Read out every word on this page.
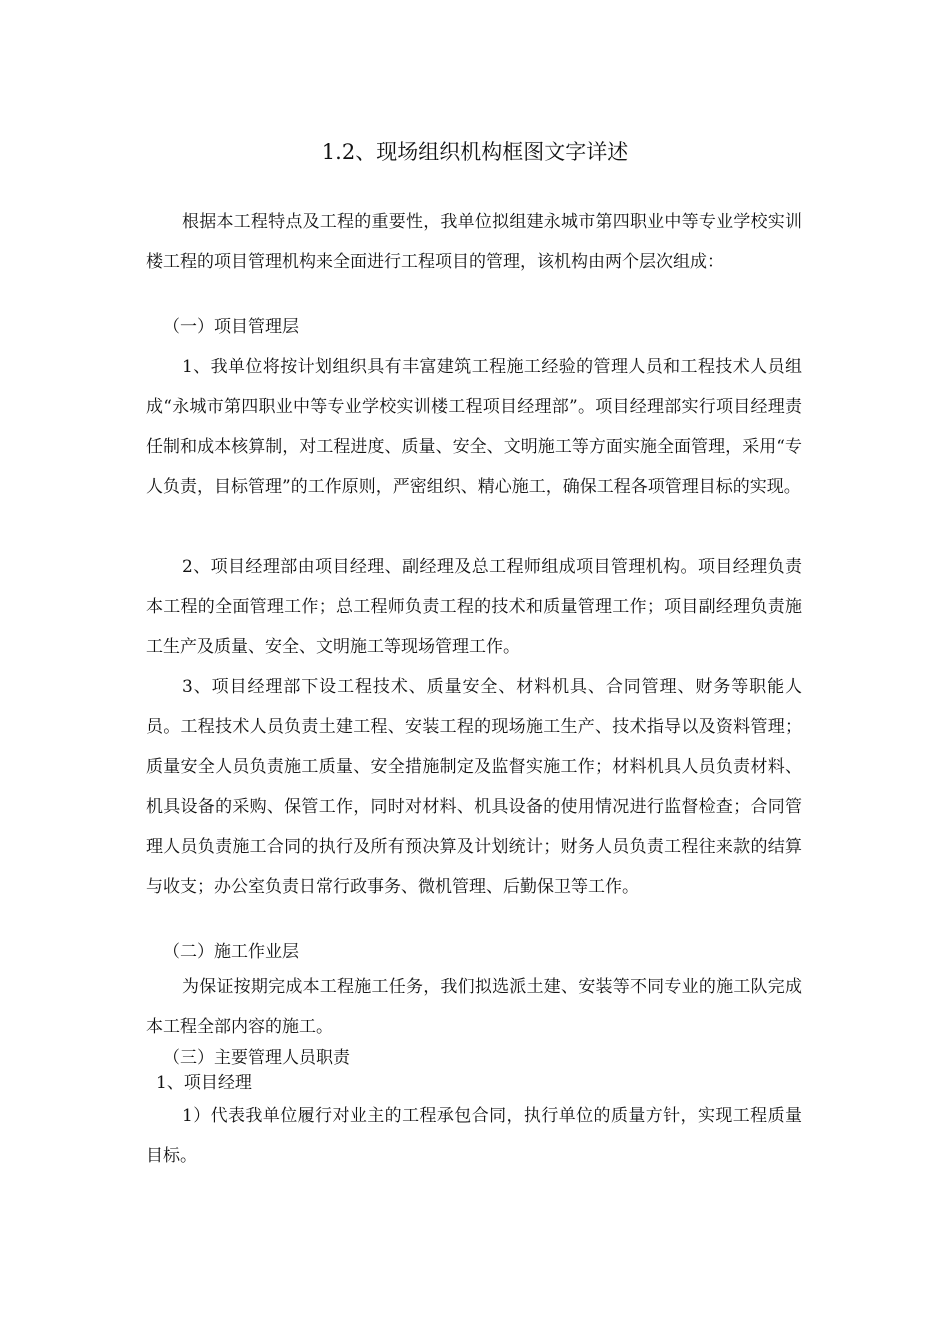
1.2、现场组织机构框图文字详述

根据本工程特点及工程的重要性，我单位拟组建永城市第四职业中等专业学校实训楼工程的项目管理机构来全面进行工程项目的管理，该机构由两个层次组成：

（一）项目管理层

1、我单位将按计划组织具有丰富建筑工程施工经验的管理人员和工程技术人员组成“永城市第四职业中等专业学校实训楼工程项目经理部”。项目经理部实行项目经理责任制和成本核算制，对工程进度、质量、安全、文明施工等方面实施全面管理，采用“专人负责，目标管理”的工作原则，严密组织、精心施工，确保工程各项管理目标的实现。

2、项目经理部由项目经理、副经理及总工程师组成项目管理机构。项目经理负责本工程的全面管理工作；总工程师负责工程的技术和质量管理工作；项目副经理负责施工生产及质量、安全、文明施工等现场管理工作。

3、项目经理部下设工程技术、质量安全、材料机具、合同管理、财务等职能人员。工程技术人员负责土建工程、安装工程的现场施工生产、技术指导以及资料管理；质量安全人员负责施工质量、安全措施制定及监督实施工作；材料机具人员负责材料、机具设备的采购、保管工作，同时对材料、机具设备的使用情况进行监督检查；合同管理人员负责施工合同的执行及所有预决算及计划统计；财务人员负责工程往来款的结算与收支；办公室负责日常行政事务、微机管理、后勤保卫等工作。

（二）施工作业层

为保证按期完成本工程施工任务，我们拟选派土建、安装等不同专业的施工队完成本工程全部内容的施工。

（三）主要管理人员职责

1、项目经理

1）代表我单位履行对业主的工程承包合同，执行单位的质量方针，实现工程质量目标。
